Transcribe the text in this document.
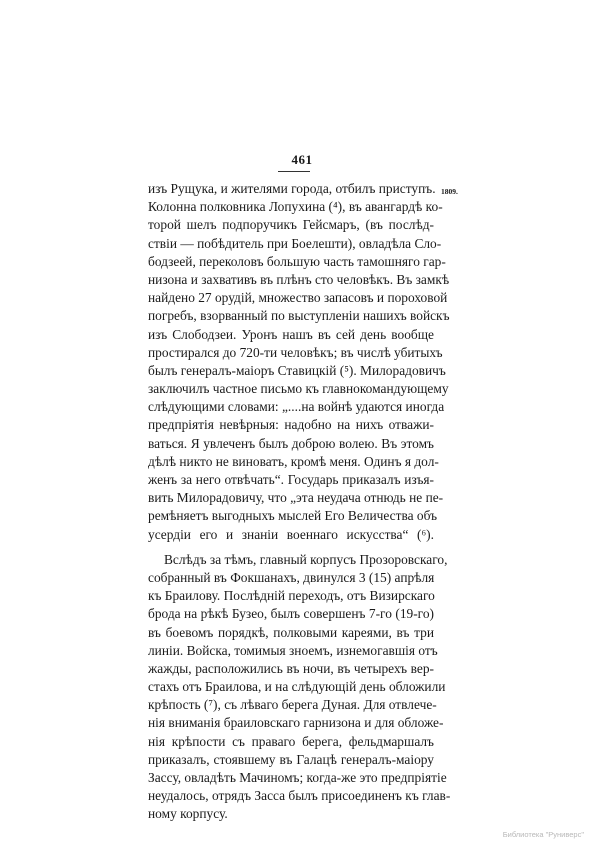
461
1809.
изъ Рущука, и жителями города, отбилъ приступъ.
Колонна полковника Лопухина (⁴), въ авангардѣ ко-
торой шелъ подпоручикъ Гейсмаръ, (въ послѣд-
ствіи — побѣдитель при Боелешти), овладѣла Сло-
бодзеей, переколовъ большую часть тамошняго гар-
низона и захвативъ въ плѣнъ сто человѣкъ. Въ замкѣ
найдено 27 орудій, множество запасовъ и пороховой
погребъ, взорванный по выступленіи нашихъ войскъ
изъ Слободзеи. Уронъ нашъ въ сей день вообще
простирался до 720-ти человѣкъ; въ числѣ убитыхъ
былъ генералъ-маіоръ Ставицкій (⁵). Милорадовичъ
заключилъ частное письмо къ главнокомандующему
слѣдующими словами: „....на войнѣ удаются иногда
предпріятія невѣрныя: надобно на нихъ отважи-
ваться. Я увлеченъ былъ доброю волею. Въ этомъ
дѣлѣ никто не виноватъ, кромѣ меня. Одинъ я дол-
женъ за него отвѣчать“. Государь приказалъ изъя-
вить Милорадовичу, что „эта неудача отнюдь не пе-
ремѣняетъ выгодныхъ мыслей Его Величества объ
усердіи его и знаніи военнаго искусства“ (⁶).
Вслѣдъ за тѣмъ, главный корпусъ Прозоровскаго,
собранный въ Фокшанахъ, двинулся 3 (15) апрѣля
къ Браилову. Послѣдній переходъ, отъ Визирскаго
брода на рѣкѣ Бузео, былъ совершенъ 7-го (19-го)
въ боевомъ порядкѣ, полковыми кареями, въ три
линіи. Войска, томимыя зноемъ, изнемогавшія отъ
жажды, расположились въ ночи, въ четырехъ вер-
стахъ отъ Браилова, и на слѣдующій день обложили
крѣпость (⁷), съ лѣваго берега Дуная. Для отвлече-
нія вниманія браиловскаго гарнизона и для обложе-
нія крѣпости съ праваго берега, фельдмаршалъ
приказалъ, стоявшему въ Галацѣ генералъ-маіору
Зассу, овладѣть Мачиномъ; когда-же это предпріятіе
неудалось, отрядъ Засса былъ присоединенъ къ глав-
ному корпусу.
Библиотека "Руниверс"
